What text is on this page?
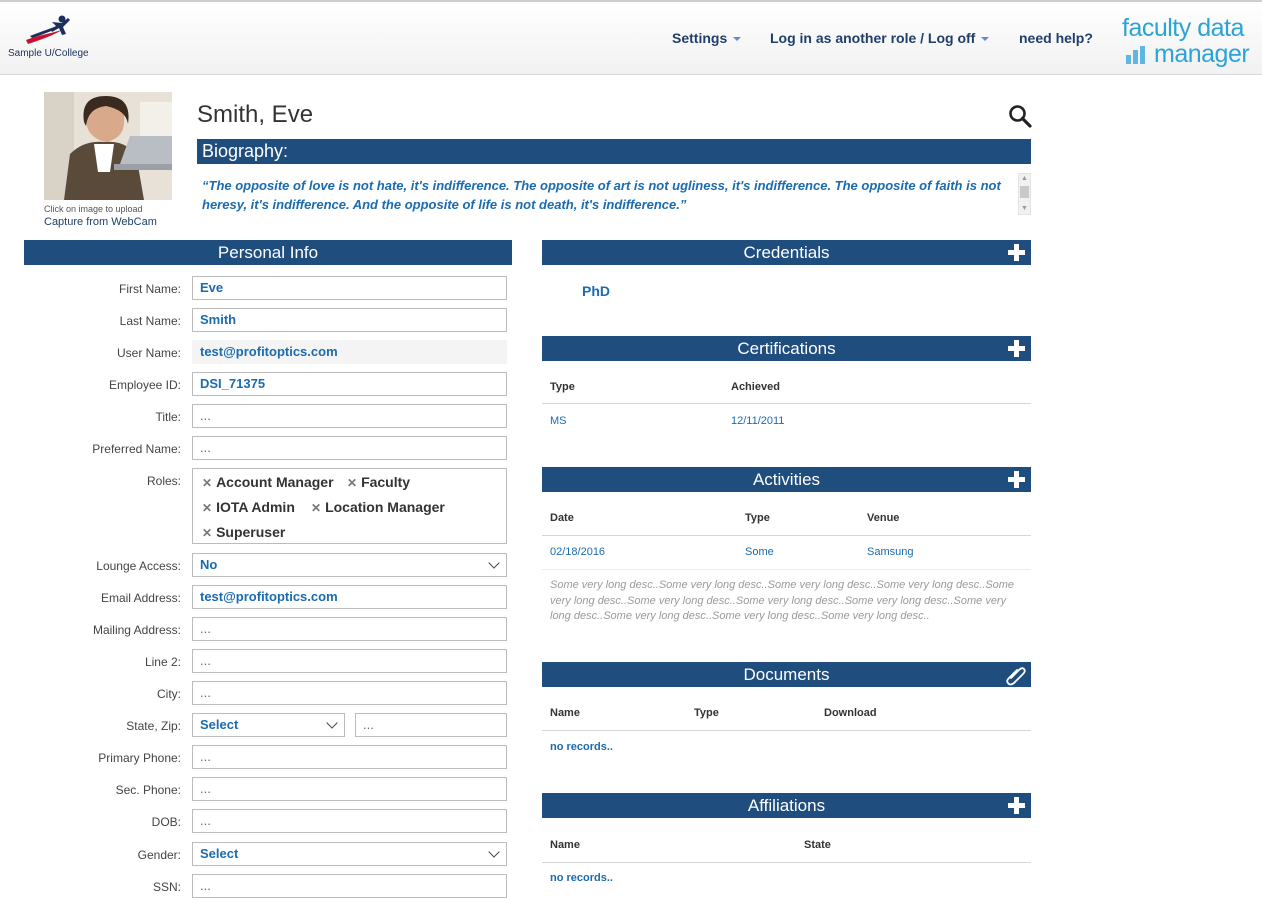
Sample U/College
Settings	Log in as another role / Log off	need help? faculty data
manager
Click on image to upload
Capture from WebCam
Smith, Eve
Biography:
“The opposite of love is not hate, it's indifference. The opposite of art is not ugliness, it's indifference. The opposite of faith is not heresy, it's indifference. And the opposite of life is not death, it's indifference.”
▲
▼
Personal Info
First Name:	Eve
Last Name:	Smith
User Name:	test@profitoptics.com
Employee ID:	DSI_71375
Title:	...
Preferred Name:	...
Roles: ✕ Account Manager ✕ Faculty
✕ IOTA Admin ✕ Location Manager
✕ Superuser
Lounge Access:	No
Email Address:	test@profitoptics.com
Mailing Address:	...
Line 2:	...
City:	...
State, Zip:	Select	...
Primary Phone:	...
Sec. Phone:	...
DOB:	...
Gender:	Select
SSN:	...
Credentials
PhD
Certifications
Type	Achieved
MS	12/11/2011
Activities
Date	Type	Venue
02/18/2016	Some	Samsung
Some very long desc..Some very long desc..Some very long desc..Some very long desc..Some very long desc..Some very long desc..Some very long desc..Some very long desc..Some very long desc..Some very long desc..Some very long desc..Some very long desc..
Documents
Name	Type	Download
no records..
Affiliations
Name	State
no records..
